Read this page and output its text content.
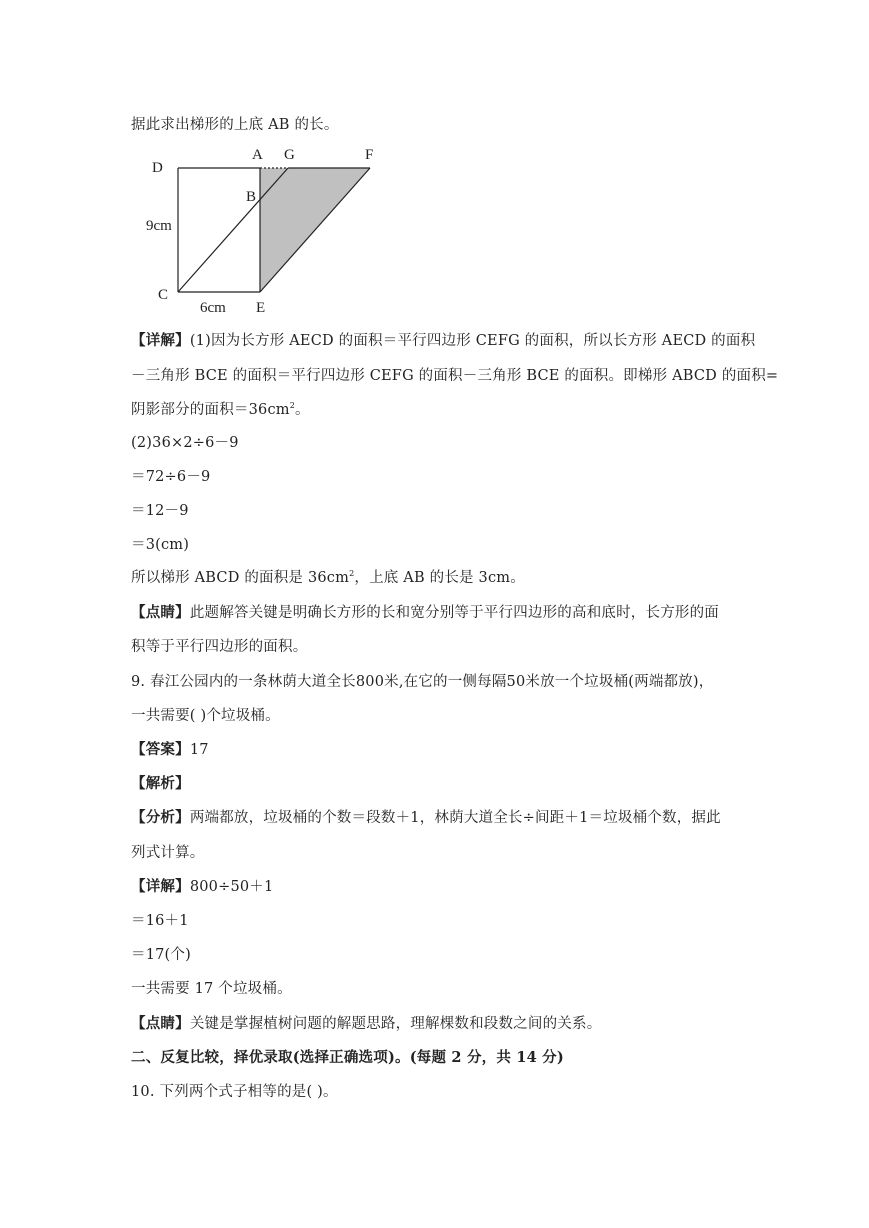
据此求出梯形的上底 AB 的长。
D
A G	F
B
9cm
C
6cm E
【详解】(1)因为长方形 AECD 的面积＝平行四边形 CEFG 的面积，所以长方形 AECD 的面积
－三角形 BCE 的面积＝平行四边形 CEFG 的面积－三角形 BCE 的面积。即梯形 ABCD 的面积=
阴影部分的面积$=36cm^2$。
(2)36×2÷6－9
＝72÷6－9
＝12－9
＝3(cm)
所以梯形 ABCD 的面积是 $36cm^2$，上底 AB 的长是 3cm。
【点睛】此题解答关键是明确长方形的长和宽分别等于平行四边形的高和底时，长方形的面
积等于平行四边形的面积。
9. 春江公园内的一条林荫大道全长800米,在它的一侧每隔50米放一个垃圾桶(两端都放)，
一共需要( )个垃圾桶。
【答案】17
【解析】
【分析】两端都放，垃圾桶的个数＝段数＋1，林荫大道全长÷间距＋1＝垃圾桶个数，据此
列式计算。
【详解】800÷50＋1
＝16＋1
＝17(个)
一共需要 17 个垃圾桶。
【点睛】关键是掌握植树问题的解题思路，理解棵数和段数之间的关系。
二、反复比较，择优录取(选择正确选项)。(每题 2 分，共 14 分)
10. 下列两个式子相等的是( )。
